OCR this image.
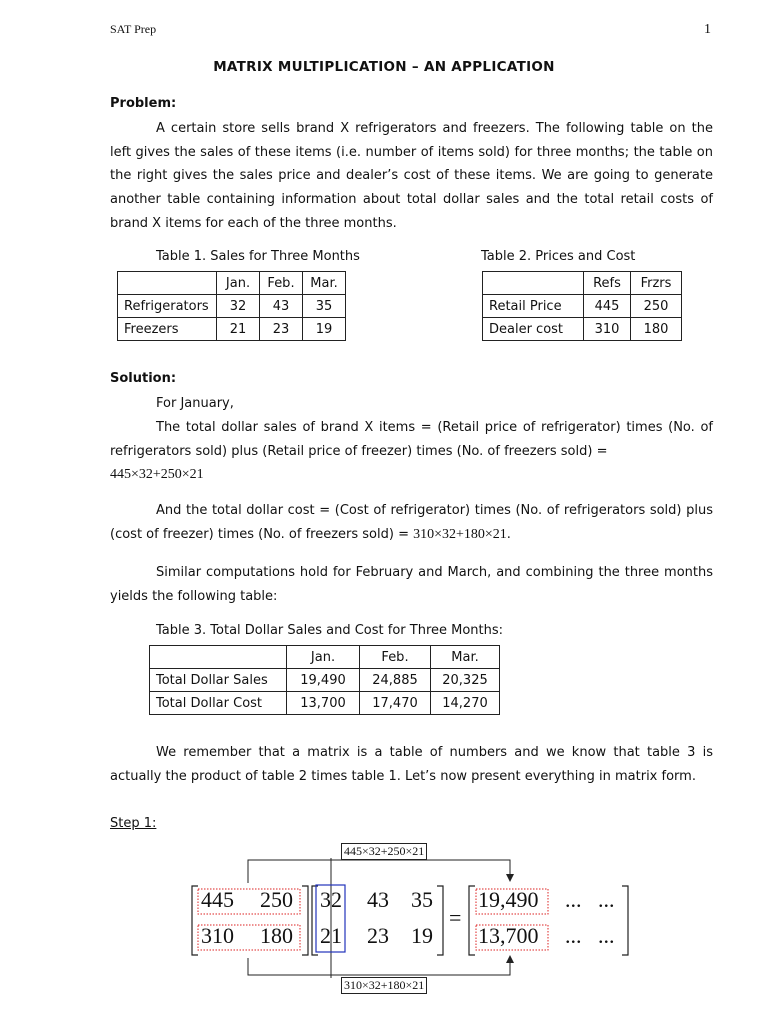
SAT Prep	1
MATRIX MULTIPLICATION – AN APPLICATION
Problem:

A certain store sells brand X refrigerators and freezers. The following table on the left gives the sales of these items (i.e. number of items sold) for three months; the table on the right gives the sales price and dealer’s cost of these items. We are going to generate another table containing information about total dollar sales and the total retail costs of brand X items for each of the three months.

Table 1. Sales for Three Months
	Jan.	Feb.	Mar.
Refrigerators	32	43	35
Freezers	21	23	19
Table 2. Prices and Cost
	Refs	Frzrs
Retail Price	445	250
Dealer cost	310	180
Solution:

For January,

The total dollar sales of brand X items = (Retail price of refrigerator) times (No. of refrigerators sold) plus (Retail price of freezer) times (No. of freezers sold) =

445×32+250×21

And the total dollar cost = (Cost of refrigerator) times (No. of refrigerators sold) plus (cost of freezer) times (No. of freezers sold) = 310×32+180×21.

Similar computations hold for February and March, and combining the three months yields the following table:

Table 3. Total Dollar Sales and Cost for Three Months:
	Jan.	Feb.	Mar.
Total Dollar Sales	19,490	24,885	20,325
Total Dollar Cost	13,700	17,470	14,270

We remember that a matrix is a table of numbers and we know that table 3 is actually the product of table 2 times table 1. Let’s now present everything in matrix form.

Step 1:
445×32+250×21
310×32+180×21
445 250
310 180
32 43 35
21 23 19
=
19,490 ... ...
13,700 ... ...
